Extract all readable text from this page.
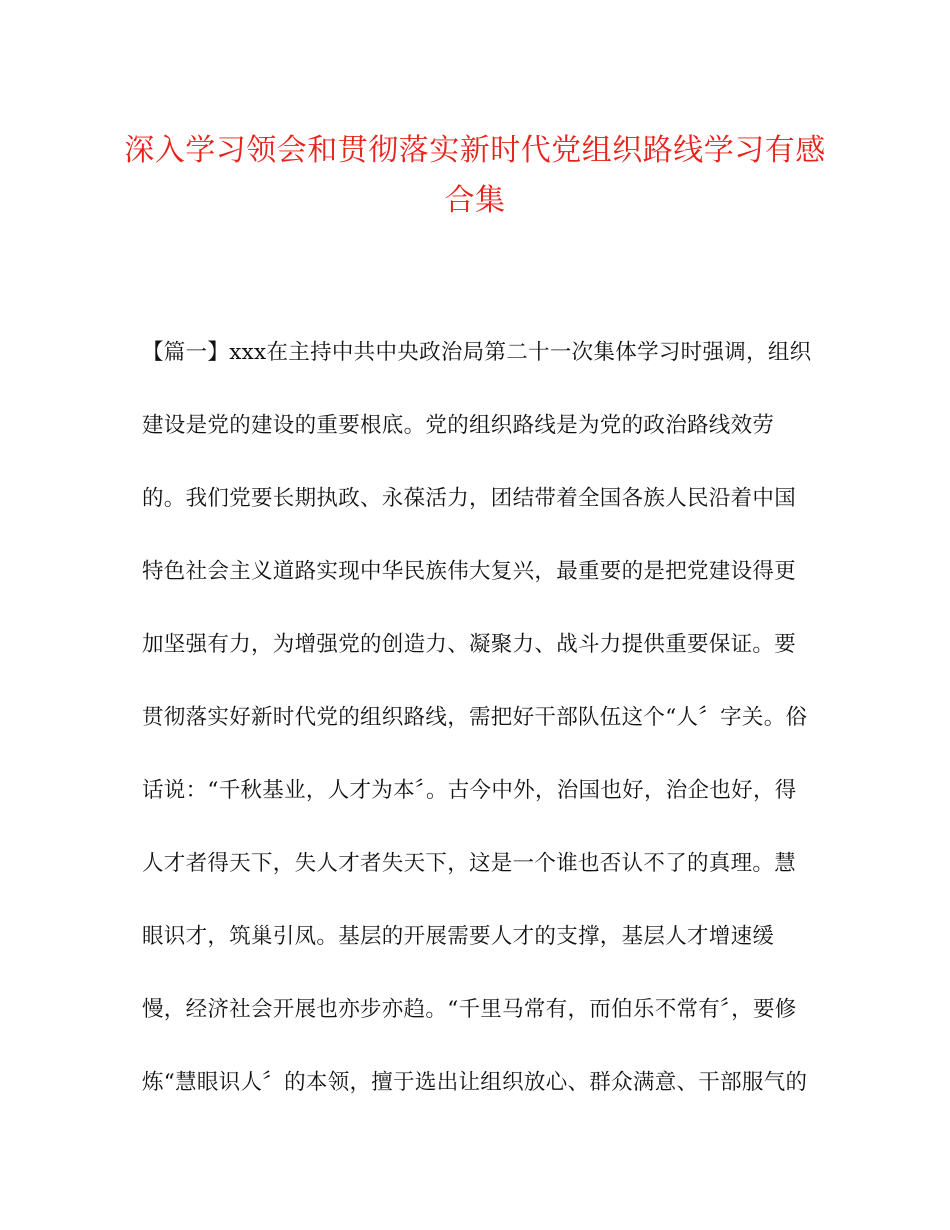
深入学习领会和贯彻落实新时代党组织路线学习有感合集

【篇一】xxx在主持中共中央政治局第二十一次集体学习时强调，组织

建设是党的建设的重要根底。党的组织路线是为党的政治路线效劳

的。我们党要长期执政、永葆活力，团结带着全国各族人民沿着中国

特色社会主义道路实现中华民族伟大复兴，最重要的是把党建设得更

加坚强有力，为增强党的创造力、凝聚力、战斗力提供重要保证。要

贯彻落实好新时代党的组织路线，需把好干部队伍这个“人〞字关。俗

话说：“千秋基业，人才为本〞。古今中外，治国也好，治企也好，得

人才者得天下，失人才者失天下，这是一个谁也否认不了的真理。慧

眼识才，筑巢引凤。基层的开展需要人才的支撑，基层人才增速缓

慢，经济社会开展也亦步亦趋。“千里马常有，而伯乐不常有〞，要修

炼“慧眼识人〞的本领，擅于选出让组织放心、群众满意、干部服气的
